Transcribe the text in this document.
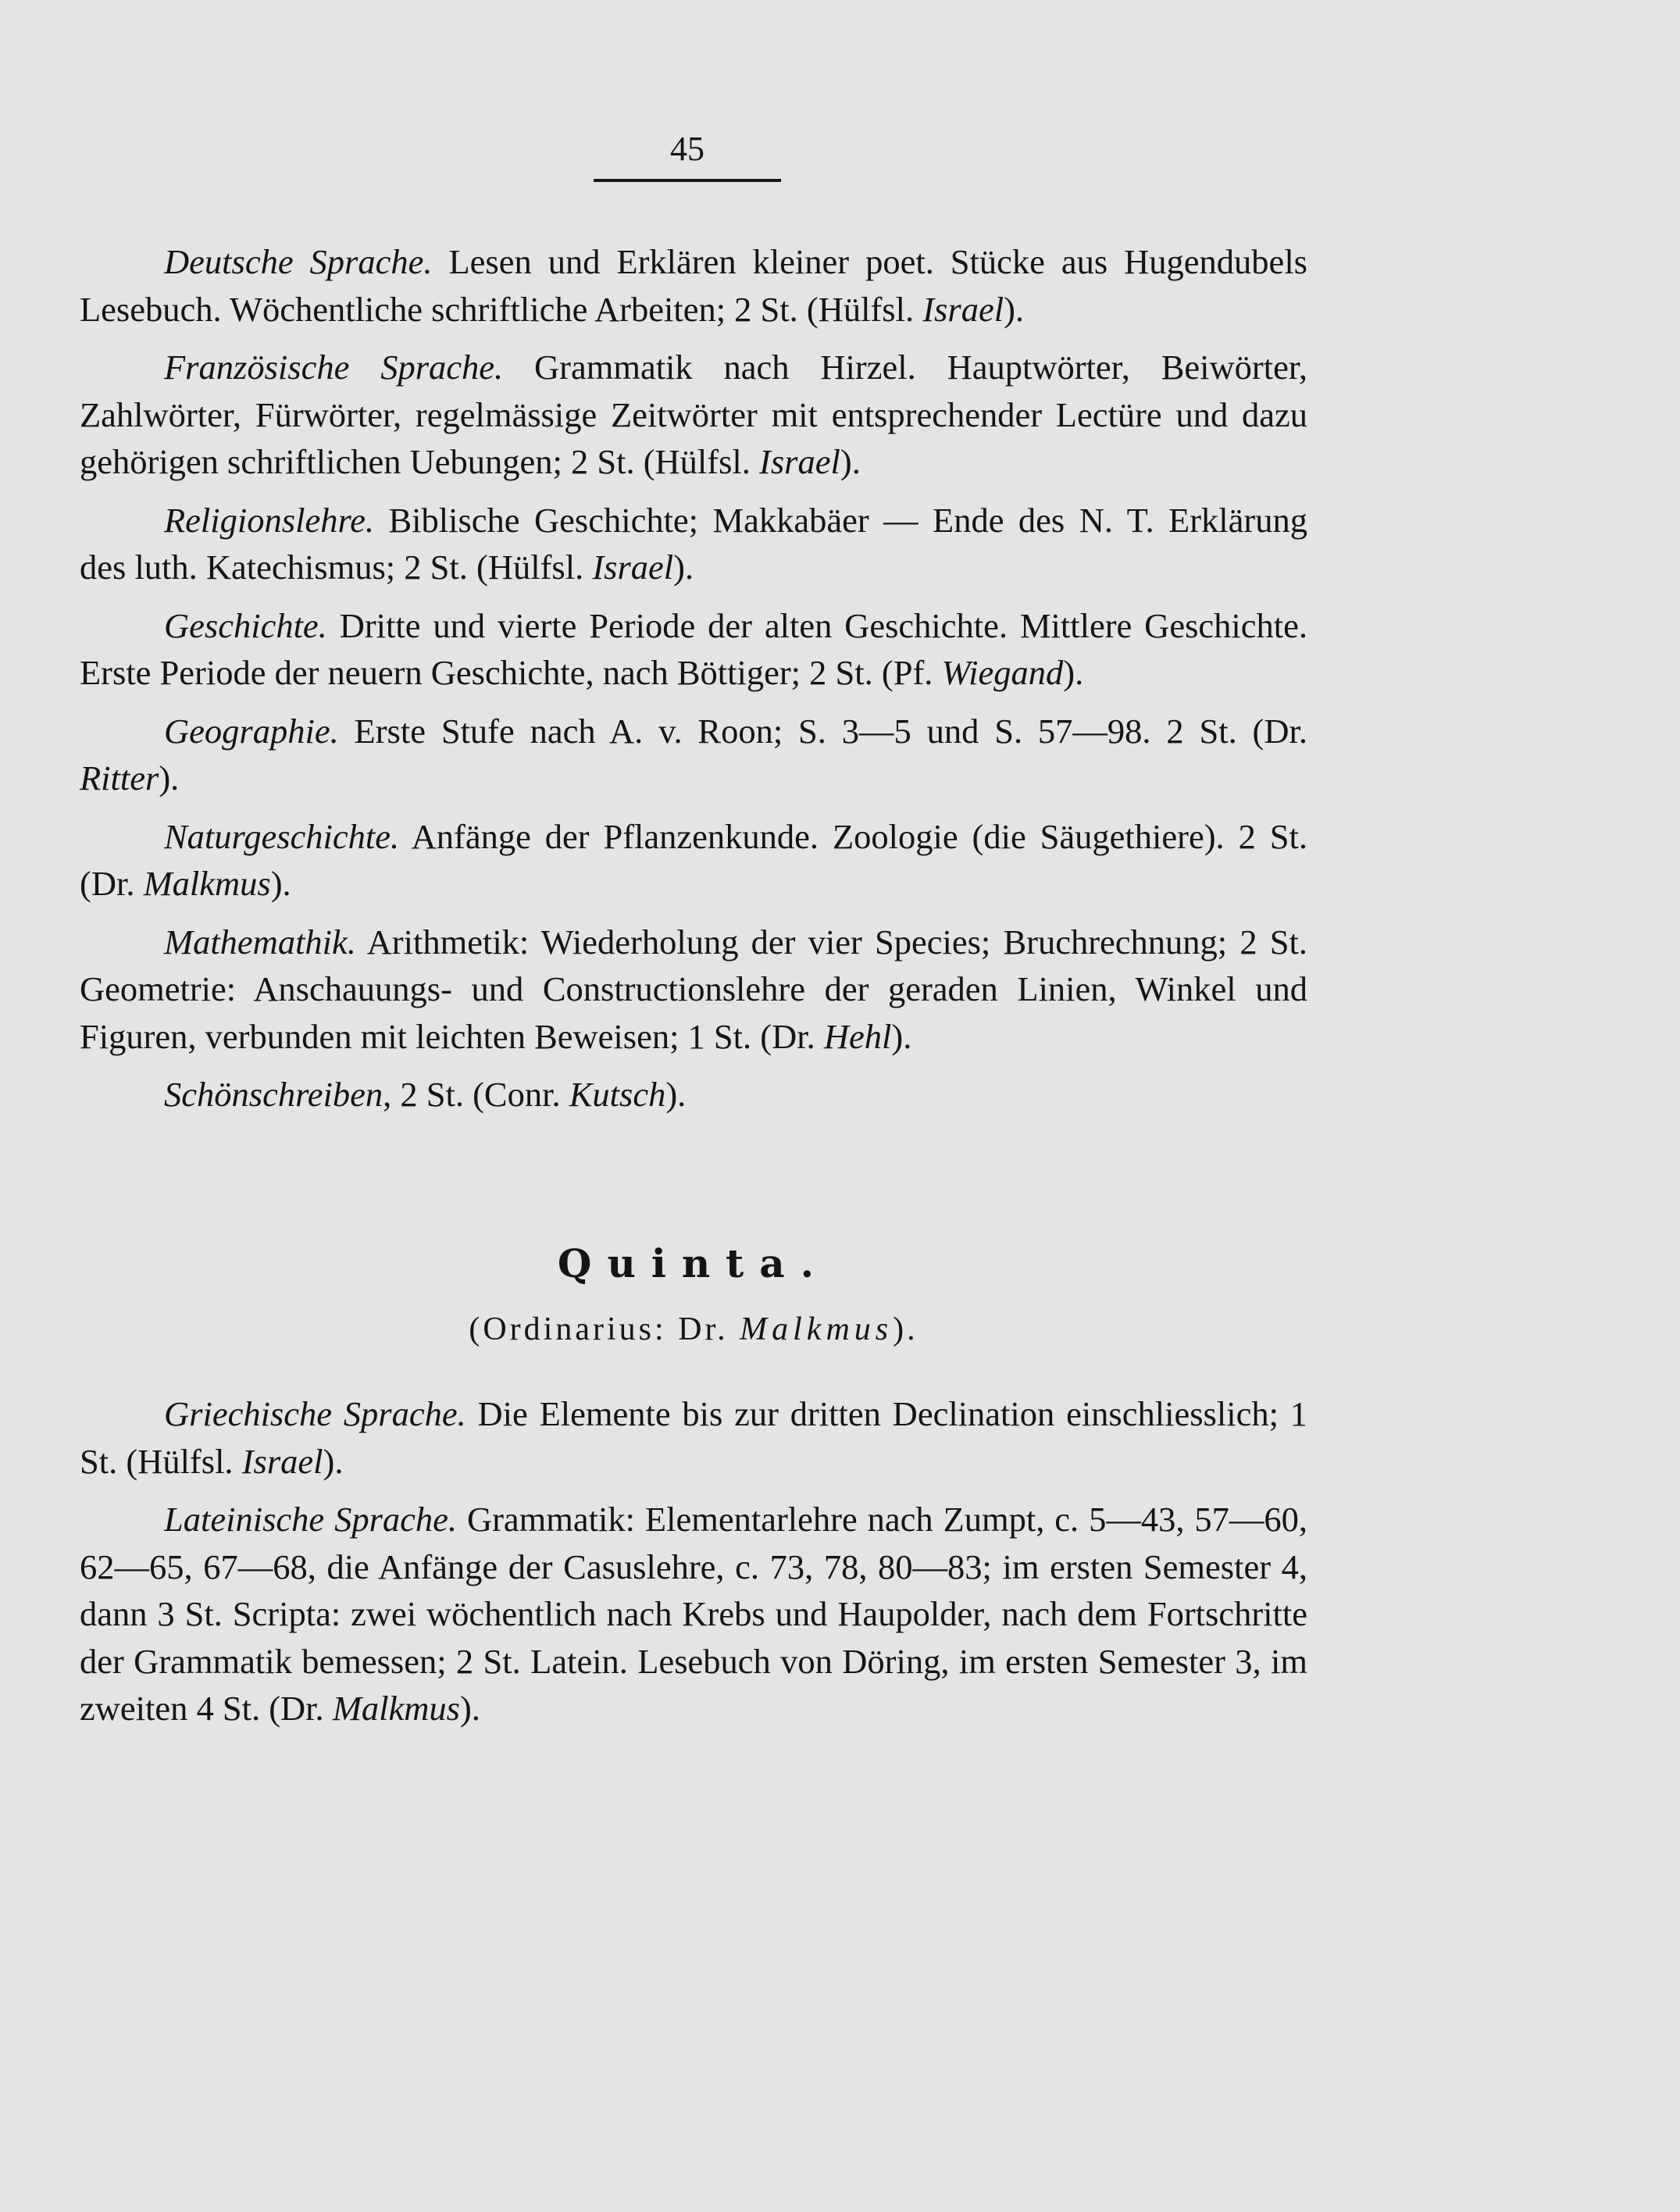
45

Deutsche Sprache. Lesen und Erklären kleiner poet. Stücke aus Hugendubels Lesebuch. Wöchentliche schriftliche Arbeiten; 2 St. (Hülfsl. Israel).

Französische Sprache. Grammatik nach Hirzel. Hauptwörter, Beiwörter, Zahlwörter, Fürwörter, regelmässige Zeitwörter mit entsprechender Lectüre und dazu gehörigen schriftlichen Uebungen; 2 St. (Hülfsl. Israel).

Religionslehre. Biblische Geschichte; Makkabäer — Ende des N. T. Erklärung des luth. Katechismus; 2 St. (Hülfsl. Israel).

Geschichte. Dritte und vierte Periode der alten Geschichte. Mittlere Geschichte. Erste Periode der neuern Geschichte, nach Böttiger; 2 St. (Pf. Wiegand).

Geographie. Erste Stufe nach A. v. Roon; S. 3—5 und S. 57—98. 2 St. (Dr. Ritter).

Naturgeschichte. Anfänge der Pflanzenkunde. Zoologie (die Säugethiere). 2 St. (Dr. Malkmus).

Mathemathik. Arithmetik: Wiederholung der vier Species; Bruchrechnung; 2 St. Geometrie: Anschauungs- und Constructionslehre der geraden Linien, Winkel und Figuren, verbunden mit leichten Beweisen; 1 St. (Dr. Hehl).

Schönschreiben, 2 St. (Conr. Kutsch).

Quinta.
(Ordinarius: Dr. Malkmus).

Griechische Sprache. Die Elemente bis zur dritten Declination einschliesslich; 1 St. (Hülfsl. Israel).

Lateinische Sprache. Grammatik: Elementarlehre nach Zumpt, c. 5—43, 57—60, 62—65, 67—68, die Anfänge der Casuslehre, c. 73, 78, 80—83; im ersten Semester 4, dann 3 St. Scripta: zwei wöchentlich nach Krebs und Haupolder, nach dem Fortschritte der Grammatik bemessen; 2 St. Latein. Lesebuch von Döring, im ersten Semester 3, im zweiten 4 St. (Dr. Malkmus).
